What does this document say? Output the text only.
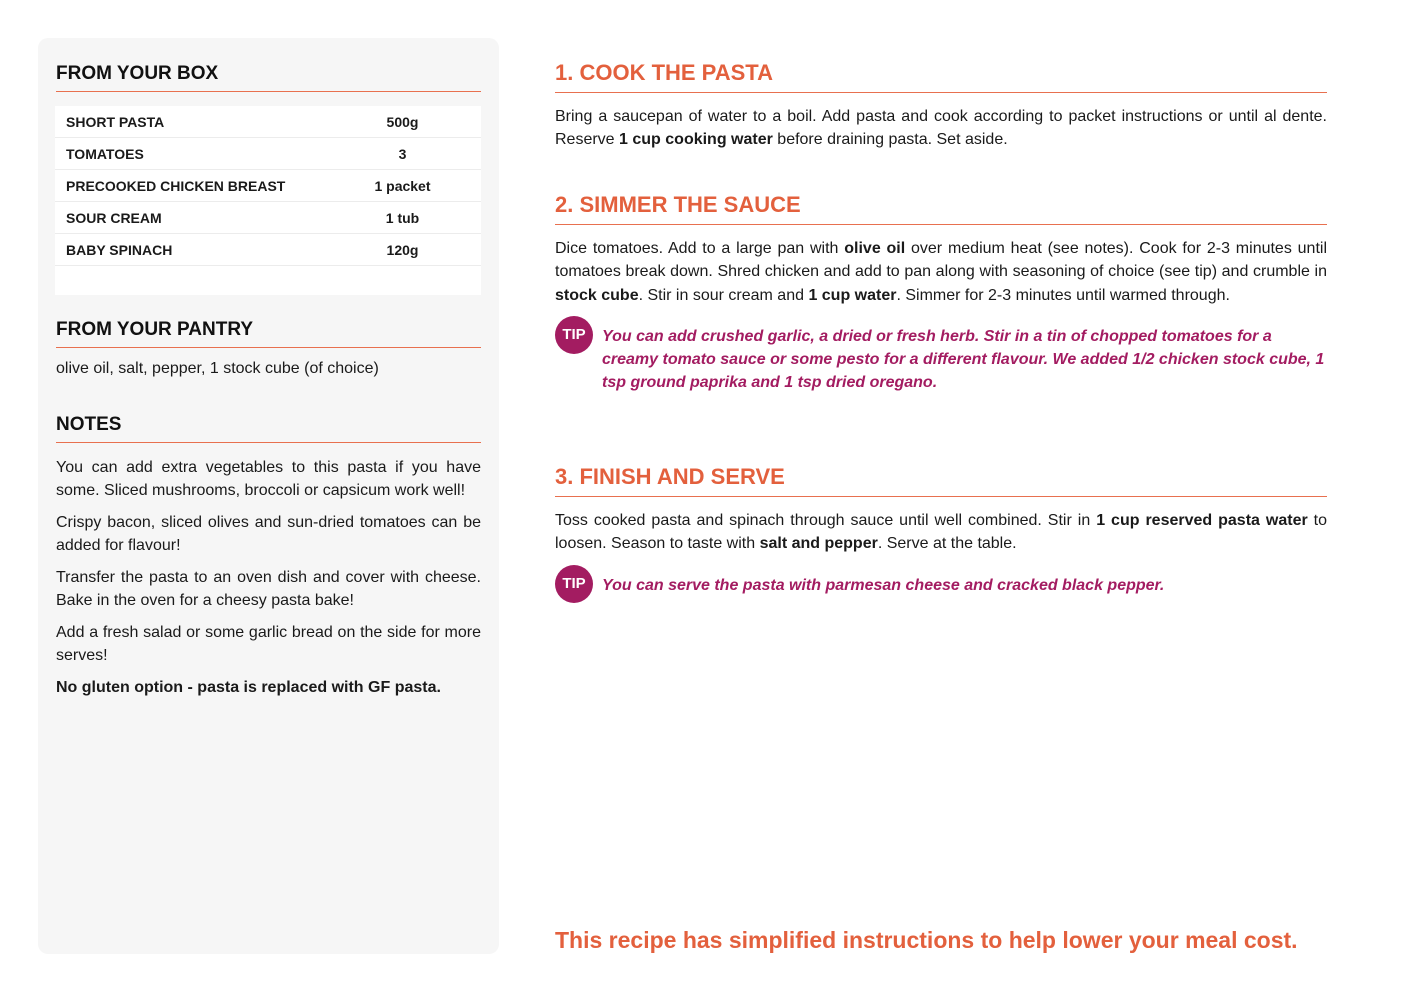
FROM YOUR BOX
SHORT PASTA	500g
TOMATOES	3
PRECOOKED CHICKEN BREAST	1 packet
SOUR CREAM	1 tub
BABY SPINACH	120g
FROM YOUR PANTRY
olive oil, salt, pepper, 1 stock cube (of choice)
NOTES

You can add extra vegetables to this pasta if you have some. Sliced mushrooms, broccoli or capsicum work well!

Crispy bacon, sliced olives and sun-dried tomatoes can be added for flavour!

Transfer the pasta to an oven dish and cover with cheese. Bake in the oven for a cheesy pasta bake!

Add a fresh salad or some garlic bread on the side for more serves!

No gluten option - pasta is replaced with GF pasta.

1. COOK THE PASTA
Bring a saucepan of water to a boil. Add pasta and cook according to packet instructions or until al dente. Reserve 1 cup cooking water before draining pasta. Set aside.
2. SIMMER THE SAUCE
Dice tomatoes. Add to a large pan with olive oil over medium heat (see notes). Cook for 2-3 minutes until tomatoes break down. Shred chicken and add to pan along with seasoning of choice (see tip) and crumble in stock cube. Stir in sour cream and 1 cup water. Simmer for 2-3 minutes until warmed through.
TIP	You can add crushed garlic, a dried or fresh herb. Stir in a tin of chopped tomatoes for a creamy tomato sauce or some pesto for a different flavour. We added 1/2 chicken stock cube, 1 tsp ground paprika and 1 tsp dried oregano.
3. FINISH AND SERVE
Toss cooked pasta and spinach through sauce until well combined. Stir in 1 cup reserved pasta water to loosen. Season to taste with salt and pepper. Serve at the table.
TIP	You can serve the pasta with parmesan cheese and cracked black pepper.
This recipe has simplified instructions to help lower your meal cost.
